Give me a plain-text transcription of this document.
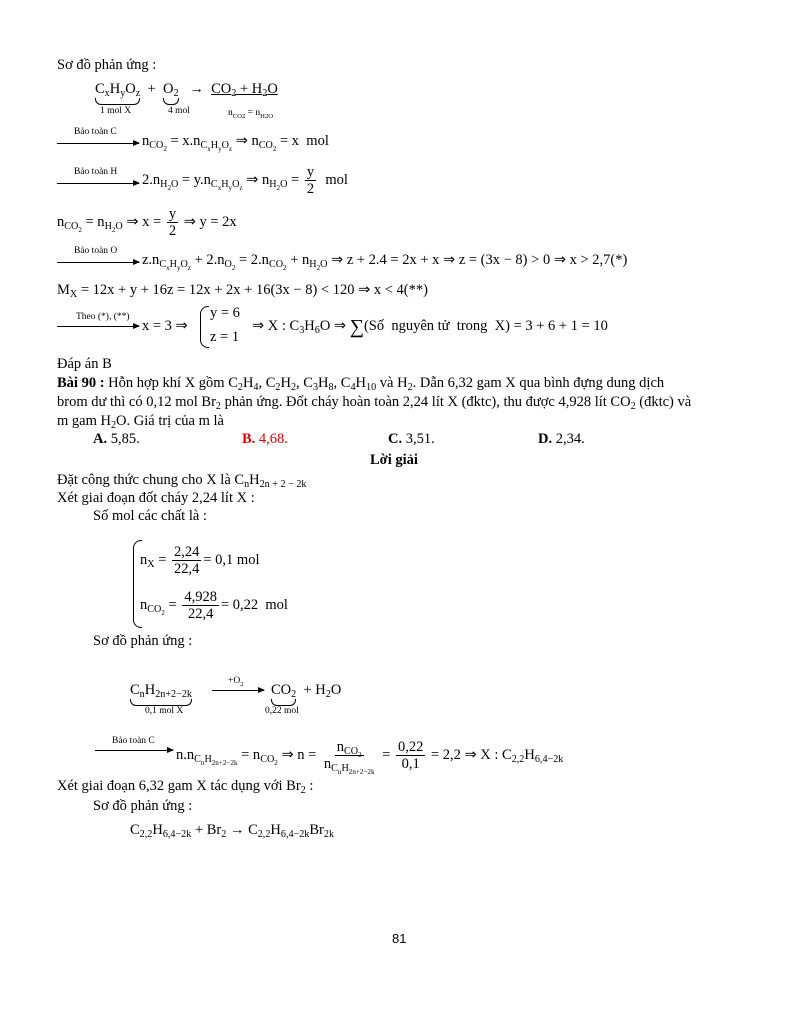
Sơ đồ phản ứng :
$C_xH_yO_z$
+  $O_2$
→  $CO_2 + H_2O$
1 mol X	4 mol	$n_{CO2} = n_{H2O}$
Bảo toàn C
$n_{CO_2} = x.n_{C_xH_yO_z}$ ⇒ $n_{CO_2} = x$  mol
Bảo toàn H $2.n_{H_2O} = y.n_{C_xH_yO_z}$ ⇒ $n_{H_2O} = \frac{y}{2}$ mol
$n_{CO_2} = n_{H_2O}$ ⇒ $x = \frac{y}{2}$ ⇒ y = 2x
Bảo toàn O
$z.n_{C_xH_yO_z} + 2.n_{O_2} = 2.n_{CO_2} + n_{H_2O}$ ⇒ z + 2.4 = 2x + x ⇒ z = (3x − 8) > 0 ⇒ x > 2,7(*)
$M_X = 12x + y + 16z = 12x + 2x + 16(3x - 8) < 120$ ⇒ x < 4(**)
Theo (*), (**)
x = 3 ⇒
y = 6
z = 1
⇒ X : $C_3H_6O$ ⇒ ∑(Số  nguyên tử  trong  X) = 3 + 6 + 1 = 10
Đáp án B
Bài 90 : Hỗn hợp khí X gồm $C_2H_4$, $C_2H_2$, $C_3H_8$, $C_4H_{10}$ và $H_2$. Dẫn 6,32 gam X qua bình đựng dung dịch
brom dư thì có 0,12 mol $Br_2$ phản ứng. Đốt cháy hoàn toàn 2,24 lít X (đktc), thu được 4,928 lít $CO_2$ (đktc) và
m gam $H_2O$. Giá trị của m là
A. 5,85.	B. 4,68.	C. 3,51.	D. 2,34.
Lời giải
Đặt công thức chung cho X là $C_nH_{2n + 2 - 2k}$
Xét giai đoạn đốt cháy 2,24 lít X :
Số mol các chất là :
$n_X = \frac{2,24}{22,4} = 0,1$ mol
$n_{CO_2} = \frac{4,928}{22,4} = 0,22$  mol
Sơ đồ phản ứng :
$C_nH_{2n+2-2k}$
$+O_2$ $CO_2$
+ $H_2O$
0,1 mol X	0,22 mol
Bảo toàn C
$n.n_{C_nH_{2n+2-2k}} = n_{CO_2}$ ⇒ $n = \frac{n_{CO_2}}{n_{C_nH_{2n+2-2k}}} = \frac{0,22}{0,1} = 2,2$ ⇒ X : $C_{2,2}H_{6,4-2k}$
Xét giai đoạn 6,32 gam X tác dụng với $Br_2$ :
Sơ đồ phản ứng :
$C_{2,2}H_{6,4-2k} + Br_2 \to C_{2,2}H_{6,4-2k}Br_{2k}$
81
